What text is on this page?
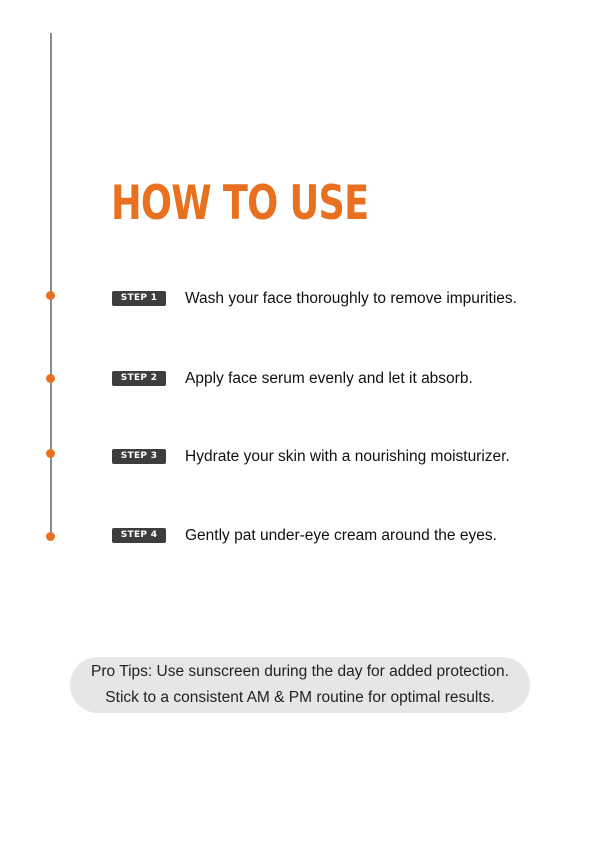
HOW TO USE
STEP 1	Wash your face thoroughly to remove impurities.
STEP 2	Apply face serum evenly and let it absorb.
STEP 3	Hydrate your skin with a nourishing moisturizer.
STEP 4	Gently pat under-eye cream around the eyes.
Pro Tips: Use sunscreen during the day for added protection.
Stick to a consistent AM & PM routine for optimal results.
